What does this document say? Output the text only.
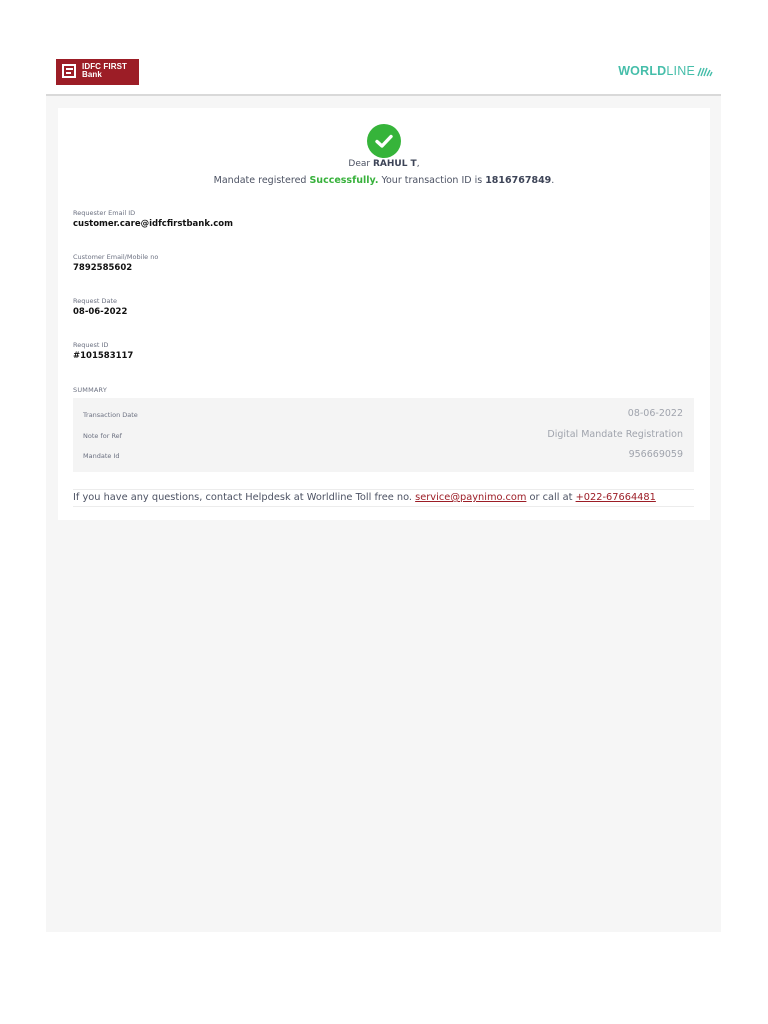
IDFC FIRST
Bank	WORLD LINE
Dear RAHUL T,
Mandate registered Successfully. Your transaction ID is 1816767849.
Requester Email ID
customer.care@idfcfirstbank.com
Customer Email/Mobile no
7892585602
Request Date
08-06-2022
Request ID
#101583117
SUMMARY
Transaction Date	08-06-2022
Note for Ref	Digital Mandate Registration
Mandate Id	956669059
If you have any questions, contact Helpdesk at Worldline Toll free no. service@paynimo.com or call at +022-67664481
